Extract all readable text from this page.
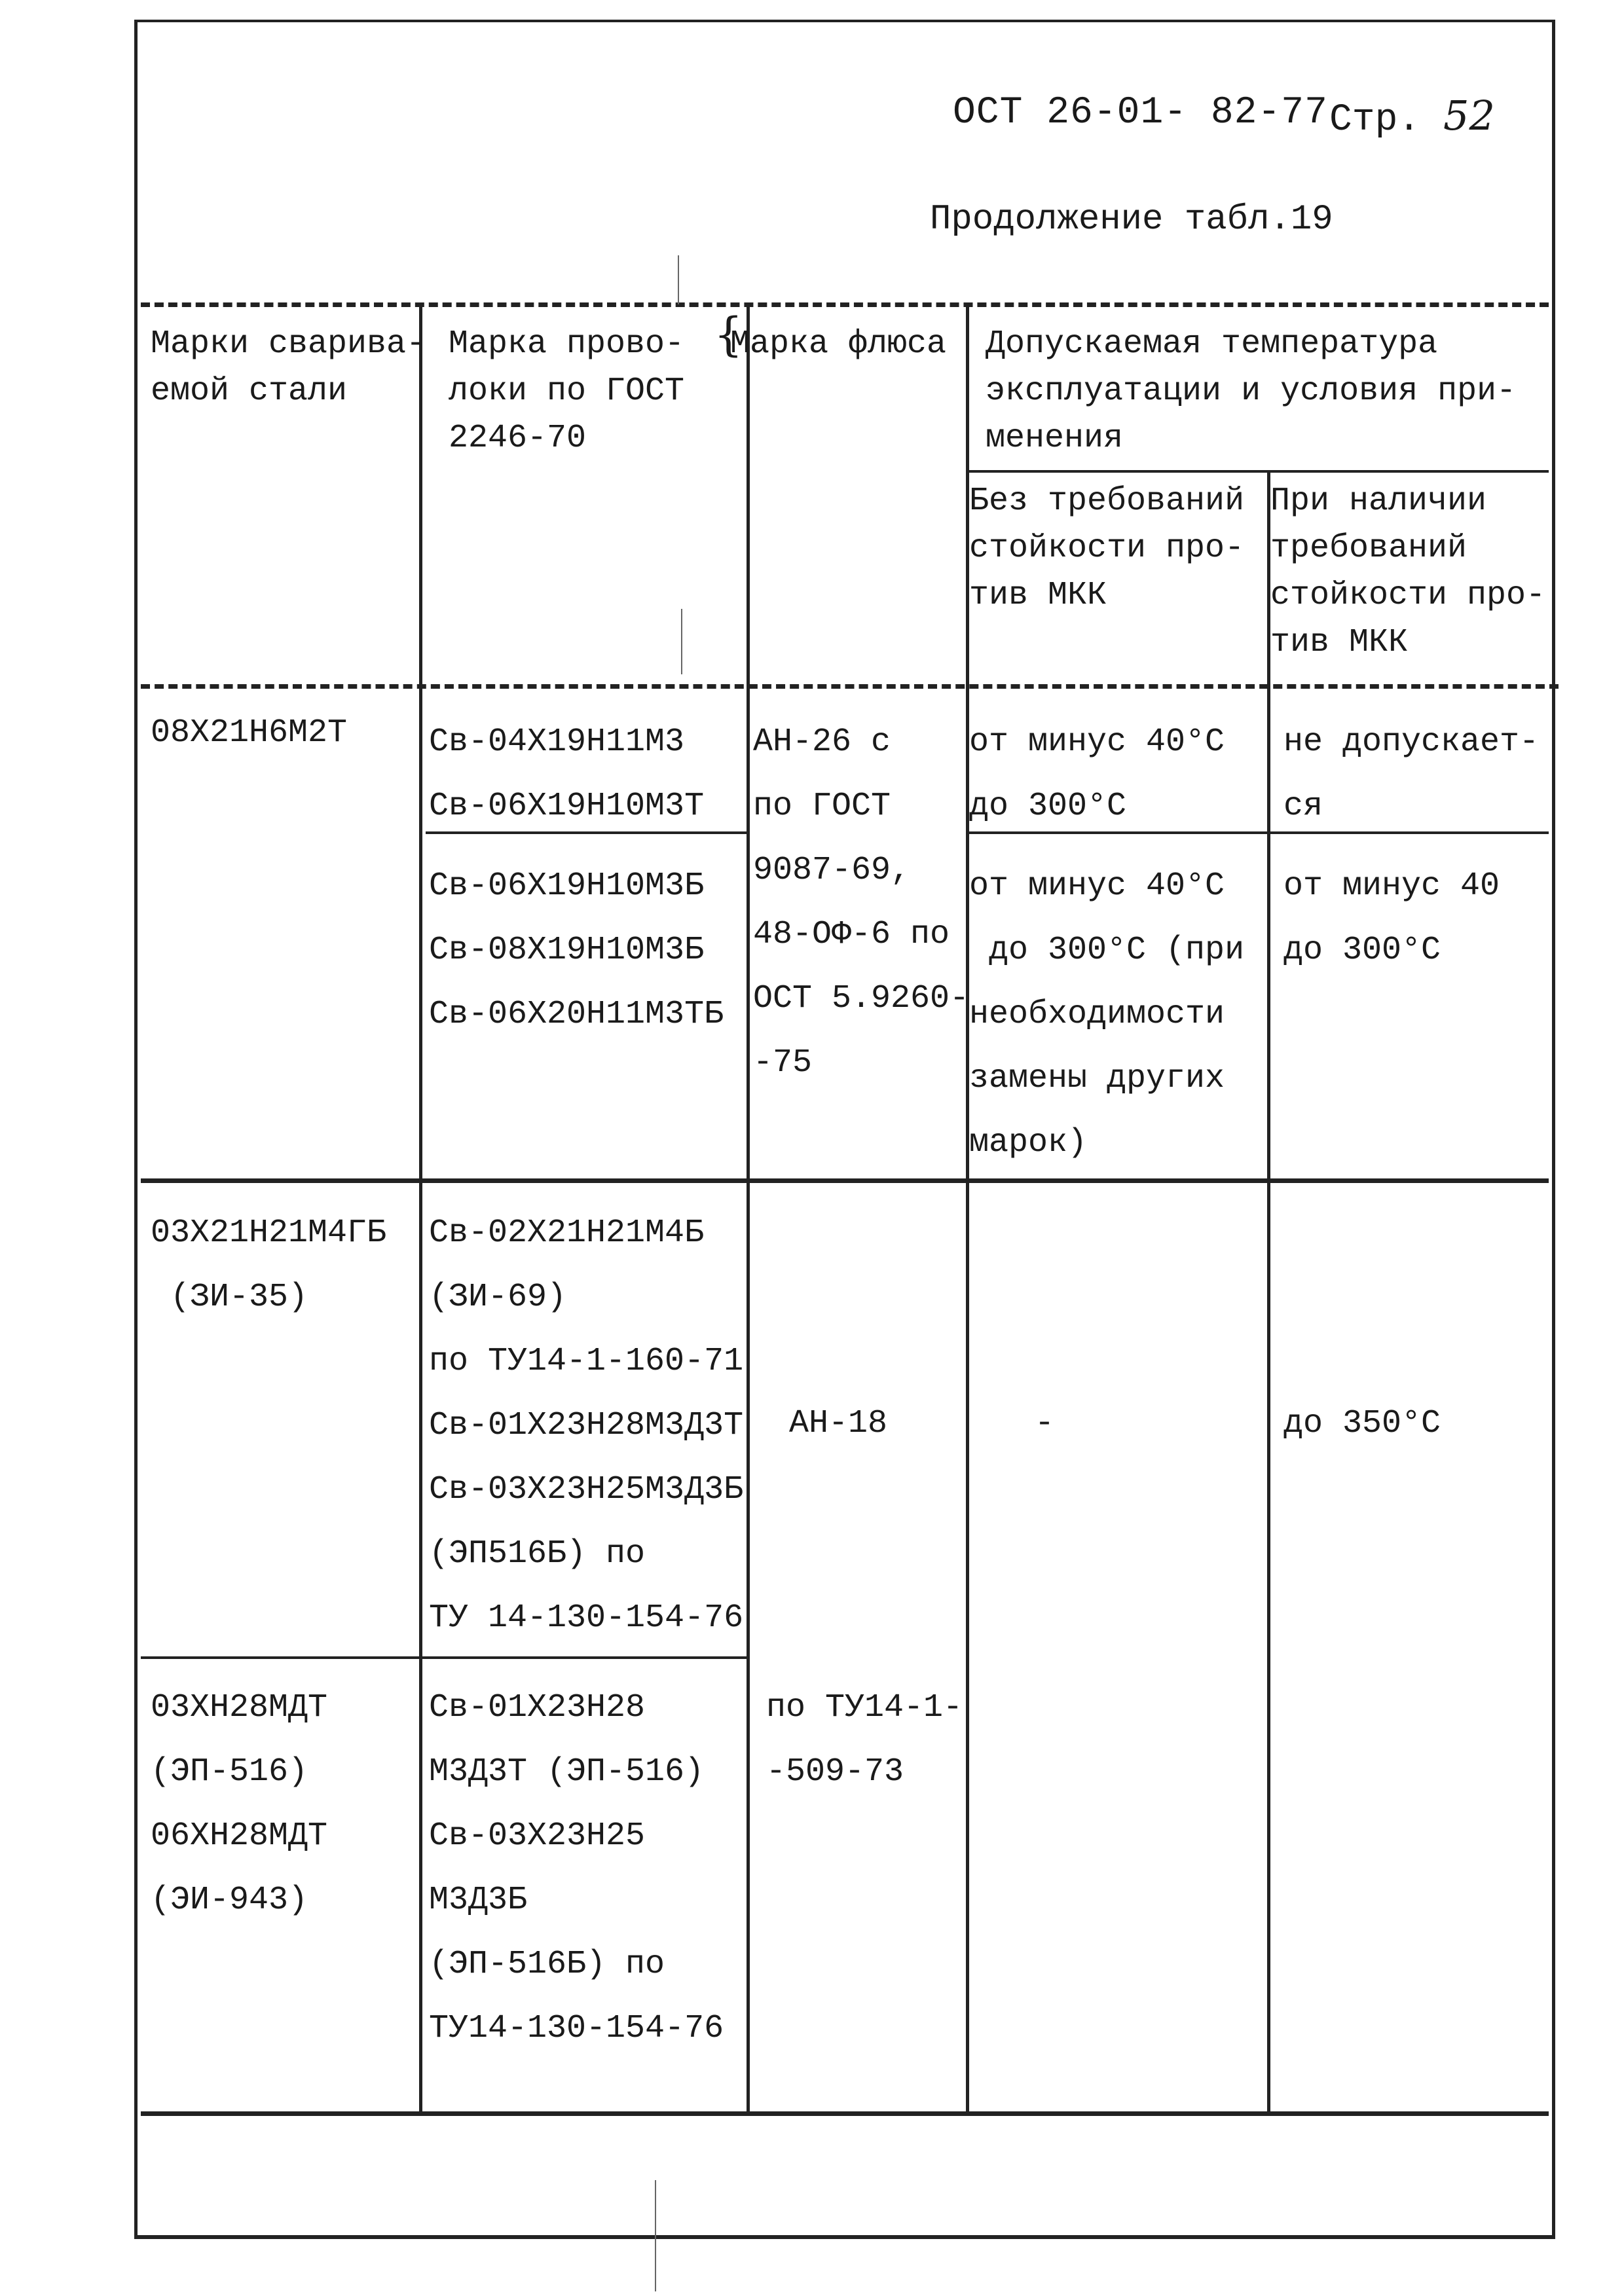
ОСТ 26-01- 82-77 Стр. 52
Продолжение табл.19
{
Марки сварива-
емой стали
Марка прово-
локи по ГОСТ
2246-70
Марка флюса Допускаемая температура
эксплуатации и условия при-
менения
Без требований
стойкости про-
тив МКК
При наличии
требований
стойкости про-
тив МКК
08Х21Н6М2Т Св-04Х19Н11М3
Св-06Х19Н10М3Т
Св-06Х19Н10М3Б
Св-08Х19Н10М3Б
Св-06Х20Н11М3ТБ
АН-26 с
по ГОСТ
9087-69,
48-ОФ-6 по
ОСТ 5.9260-
-75
от минус 40°С
до 300°С
не допускает-
ся
от минус 40°С
до 300°С (при
необходимости
замены других
марок)
от минус 40
до 300°С
03Х21Н21М4ГБ
(ЗИ-35)
Св-02Х21Н21М4Б
(ЗИ-69)
по ТУ14-1-160-71
Св-01Х23Н28М3Д3Т
Св-03Х23Н25М3Д3Б
(ЭП516Б) по
ТУ 14-130-154-76
АН-18	-	до 350°С
03ХН28МДТ
(ЭП-516)
06ХН28МДТ
(ЭИ-943)
Св-01Х23Н28
М3Д3Т (ЭП-516)
Св-03Х23Н25
М3Д3Б
(ЭП-516Б) по
ТУ14-130-154-76
по ТУ14-1-
-509-73
